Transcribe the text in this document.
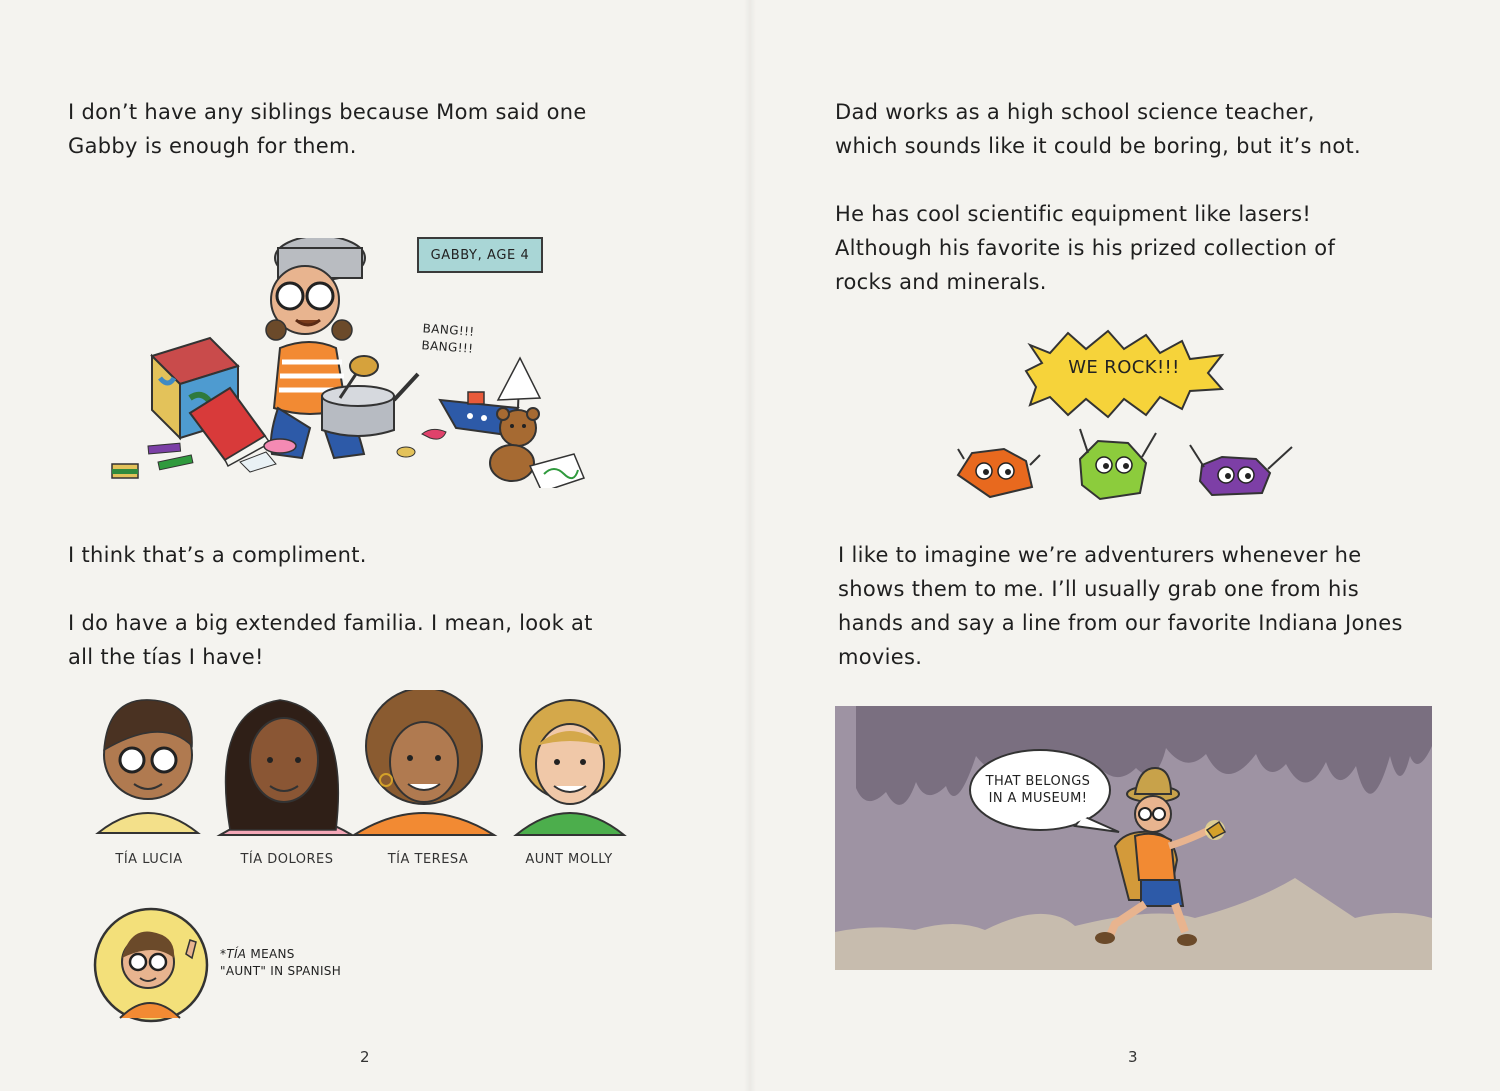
I don’t have any siblings because Mom said one
Gabby is enough for them.
GABBY, AGE 4
BANG!!!
BANG!!!
I think that’s a compliment.
I do have a big extended familia. I mean, look at
all the tías I have!
TÍA LUCIA	TÍA DOLORES	TÍA TERESA	AUNT MOLLY
*TÍA MEANS
"AUNT" IN SPANISH
2
Dad works as a high school science teacher,
which sounds like it could be boring, but it’s not.
He has cool scientific equipment like lasers!
Although his favorite is his prized collection of
rocks and minerals.
I like to imagine we’re adventurers whenever he
shows them to me. I’ll usually grab one from his
hands and say a line from our favorite Indiana Jones
movies.
3
WE ROCK!!!
THAT BELONGS
IN A MUSEUM!
